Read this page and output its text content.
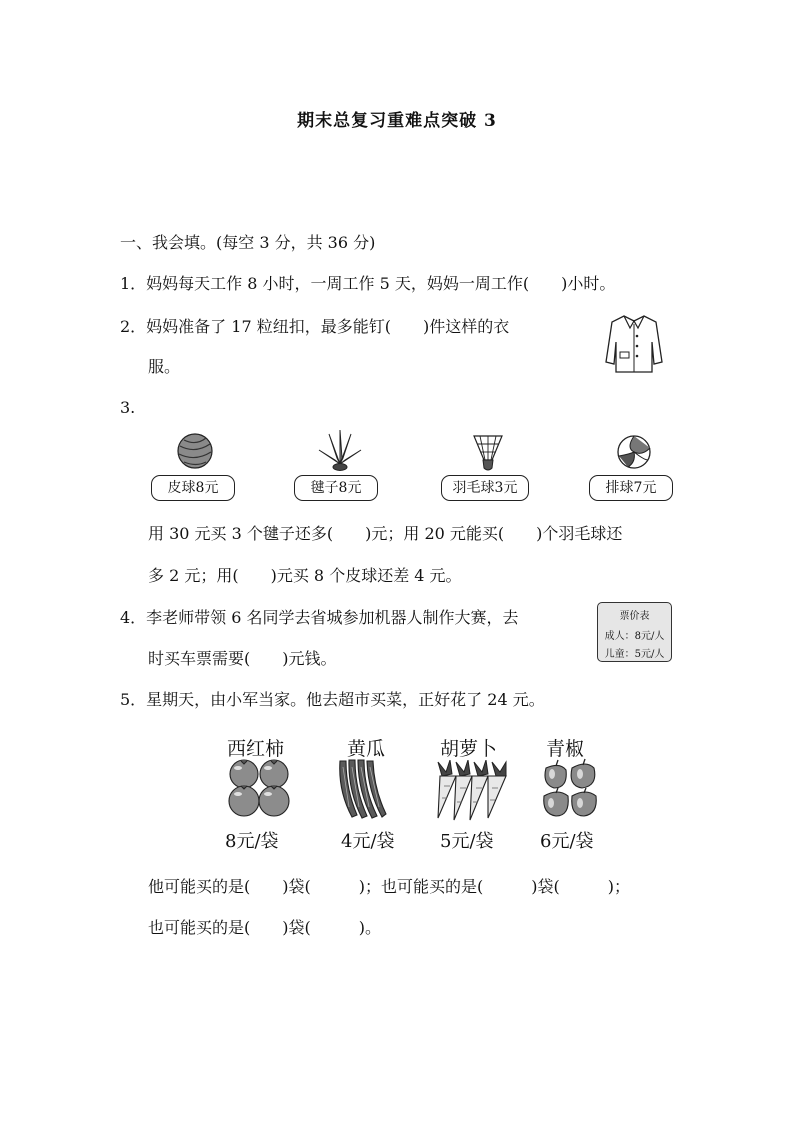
期末总复习重难点突破 3
一、我会填。(每空 3 分，共 36 分)
1．妈妈每天工作 8 小时，一周工作 5 天，妈妈一周工作(　　)小时。
2．妈妈准备了 17 粒纽扣，最多能钉(　　)件这样的衣
服。
3.
皮球8元	毽子8元	羽毛球3元	排球7元
用 30 元买 3 个毽子还多(　　)元；用 20 元能买(　　)个羽毛球还
多 2 元；用(　　)元买 8 个皮球还差 4 元。
4．李老师带领 6 名同学去省城参加机器人制作大赛，去
时买车票需要(　　)元钱。
票价表
成人：8元/人
儿童：5元/人
5．星期天，由小军当家。他去超市买菜，正好花了 24 元。
西红柿	黄瓜	胡萝卜	青椒
8元/袋	4元/袋	5元/袋	6元/袋
他可能买的是(　　)袋(　　　)；也可能买的是(　　　)袋(　　　)；
也可能买的是(　　)袋(　　　)。
